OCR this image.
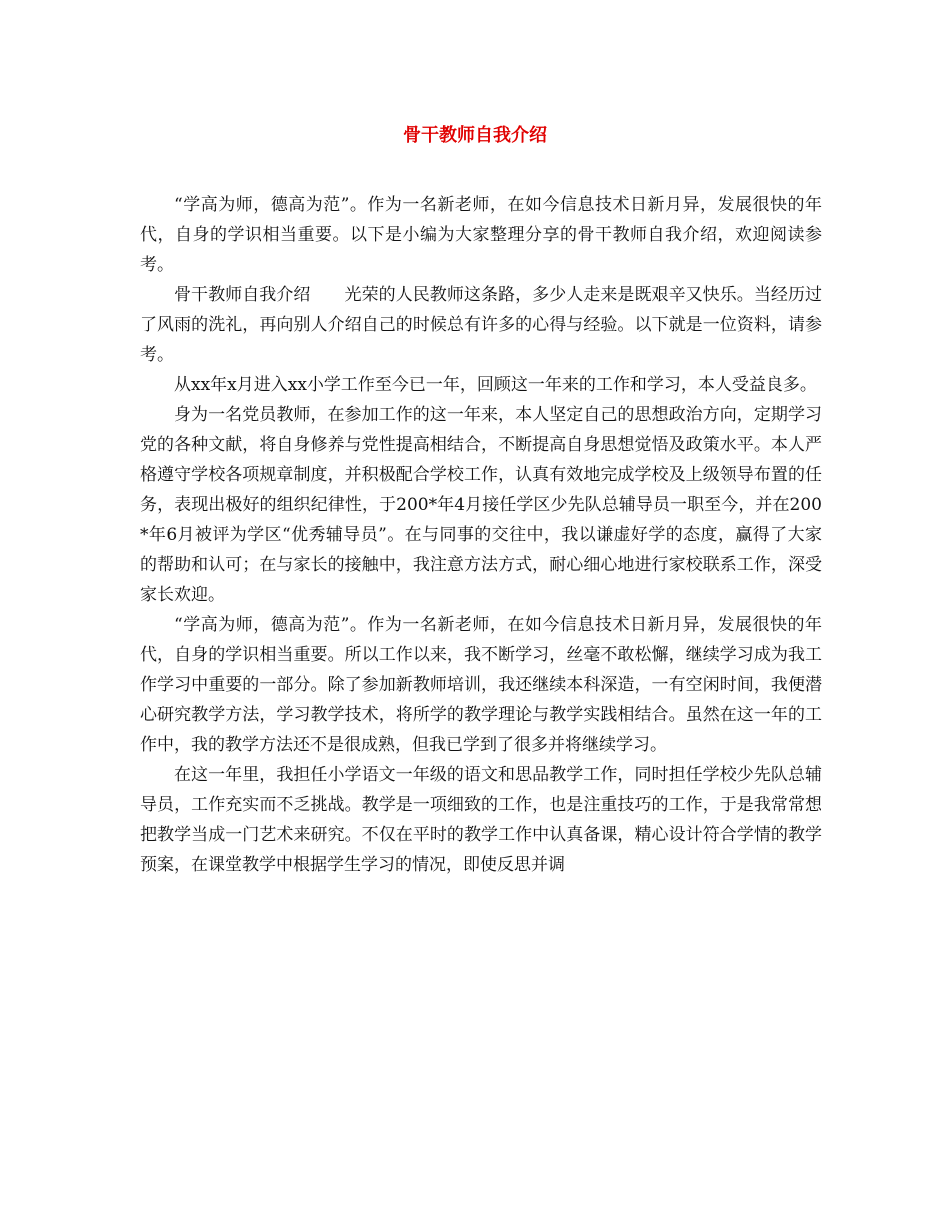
骨干教师自我介绍

“学高为师，德高为范”。作为一名新老师，在如今信息技术日新月异，发展很快的年代，自身的学识相当重要。以下是小编为大家整理分享的骨干教师自我介绍，欢迎阅读参考。

骨干教师自我介绍　　光荣的人民教师这条路，多少人走来是既艰辛又快乐。当经历过了风雨的洗礼，再向别人介绍自己的时候总有许多的心得与经验。以下就是一位资料，请参考。

从xx年x月进入xx小学工作至今已一年，回顾这一年来的工作和学习，本人受益良多。

身为一名党员教师，在参加工作的这一年来，本人坚定自己的思想政治方向，定期学习党的各种文献，将自身修养与党性提高相结合，不断提高自身思想觉悟及政策水平。本人严格遵守学校各项规章制度，并积极配合学校工作，认真有效地完成学校及上级领导布置的任务，表现出极好的组织纪律性，于200*年4月接任学区少先队总辅导员一职至今，并在200*年6月被评为学区“优秀辅导员”。在与同事的交往中，我以谦虚好学的态度，赢得了大家的帮助和认可；在与家长的接触中，我注意方法方式，耐心细心地进行家校联系工作，深受家长欢迎。

“学高为师，德高为范”。作为一名新老师，在如今信息技术日新月异，发展很快的年代，自身的学识相当重要。所以工作以来，我不断学习，丝毫不敢松懈，继续学习成为我工作学习中重要的一部分。除了参加新教师培训，我还继续本科深造，一有空闲时间，我便潜心研究教学方法，学习教学技术，将所学的教学理论与教学实践相结合。虽然在这一年的工作中，我的教学方法还不是很成熟，但我已学到了很多并将继续学习。

在这一年里，我担任小学语文一年级的语文和思品教学工作，同时担任学校少先队总辅导员，工作充实而不乏挑战。教学是一项细致的工作，也是注重技巧的工作，于是我常常想把教学当成一门艺术来研究。不仅在平时的教学工作中认真备课，精心设计符合学情的教学预案，在课堂教学中根据学生学习的情况，即使反思并调
